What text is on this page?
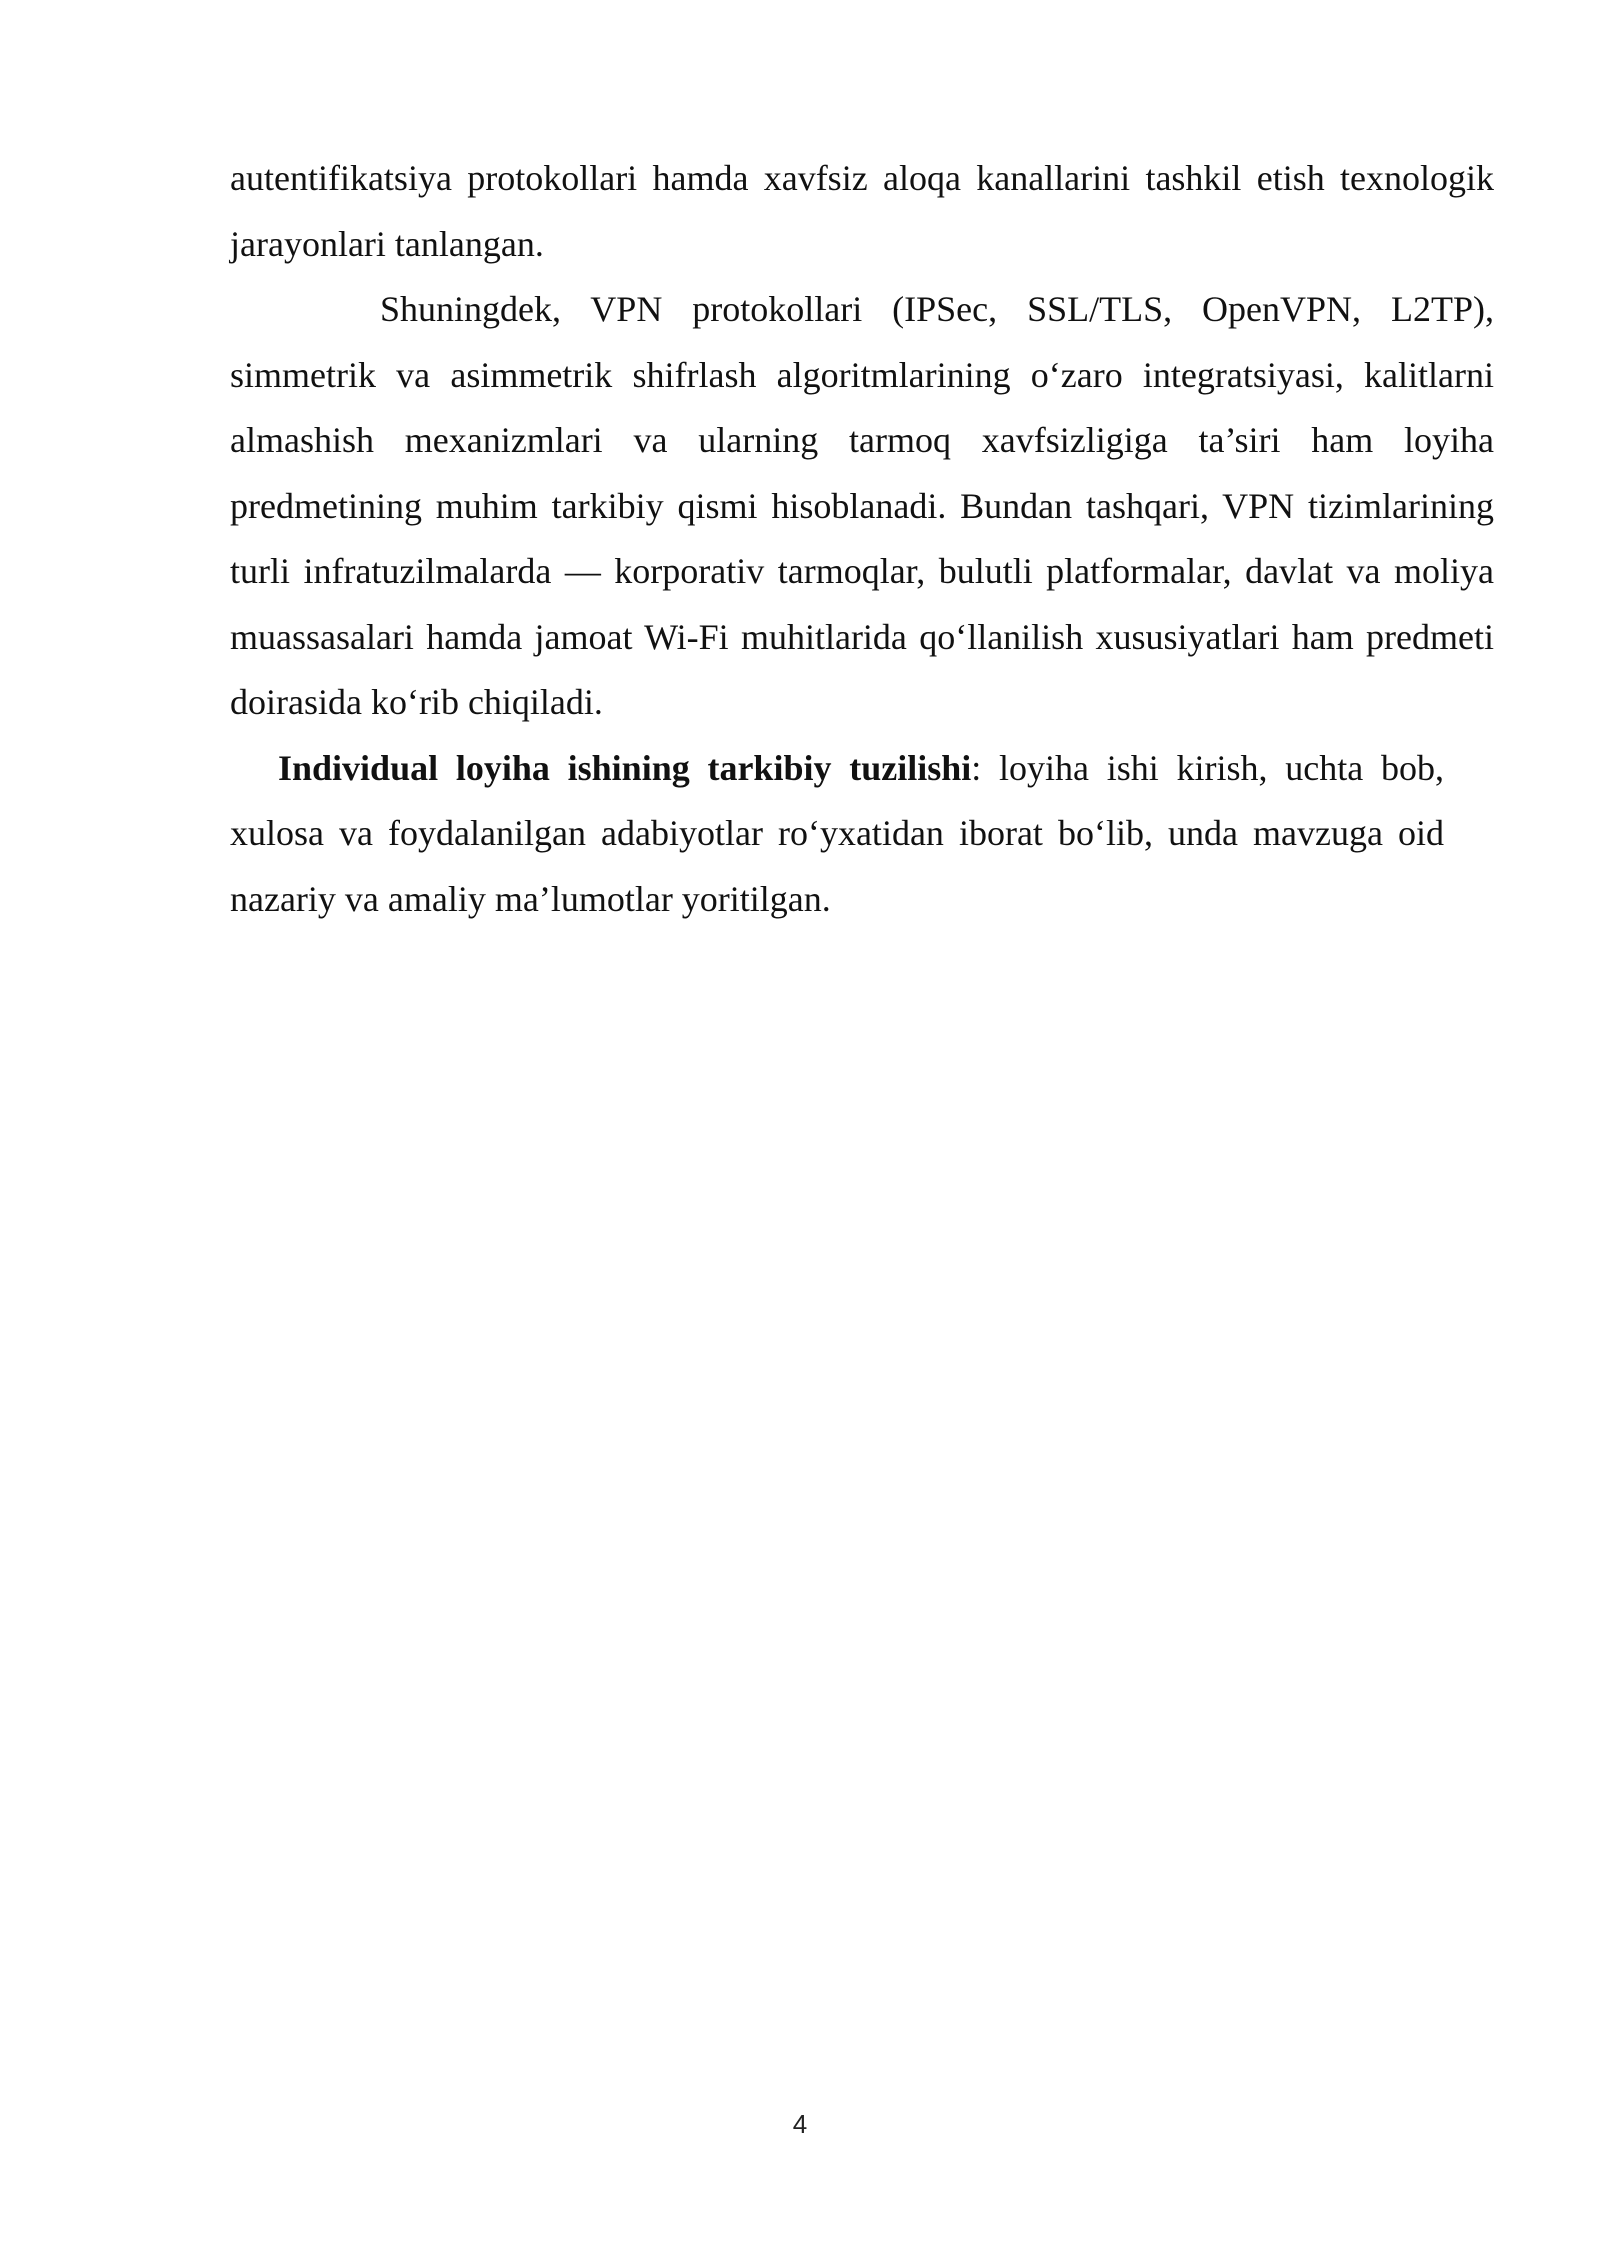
autentifikatsiya protokollari hamda xavfsiz aloqa kanallarini tashkil etish texnologik jarayonlari tanlangan.

Shuningdek, VPN protokollari (IPSec, SSL/TLS, OpenVPN, L2TP), simmetrik va asimmetrik shifrlash algoritmlarining o‘zaro integratsiyasi, kalitlarni almashish mexanizmlari va ularning tarmoq xavfsizligiga ta’siri ham loyiha predmetining muhim tarkibiy qismi hisoblanadi. Bundan tashqari, VPN tizimlarining turli infratuzilmalarda — korporativ tarmoqlar, bulutli platformalar, davlat va moliya muassasalari hamda jamoat Wi-Fi muhitlarida qo‘llanilish xususiyatlari ham predmeti doirasida ko‘rib chiqiladi.

Individual loyiha ishining tarkibiy tuzilishi: loyiha ishi kirish, uchta bob, xulosa va foydalanilgan adabiyotlar ro‘yxatidan iborat bo‘lib, unda mavzuga oid nazariy va amaliy ma’lumotlar yoritilgan.

4
